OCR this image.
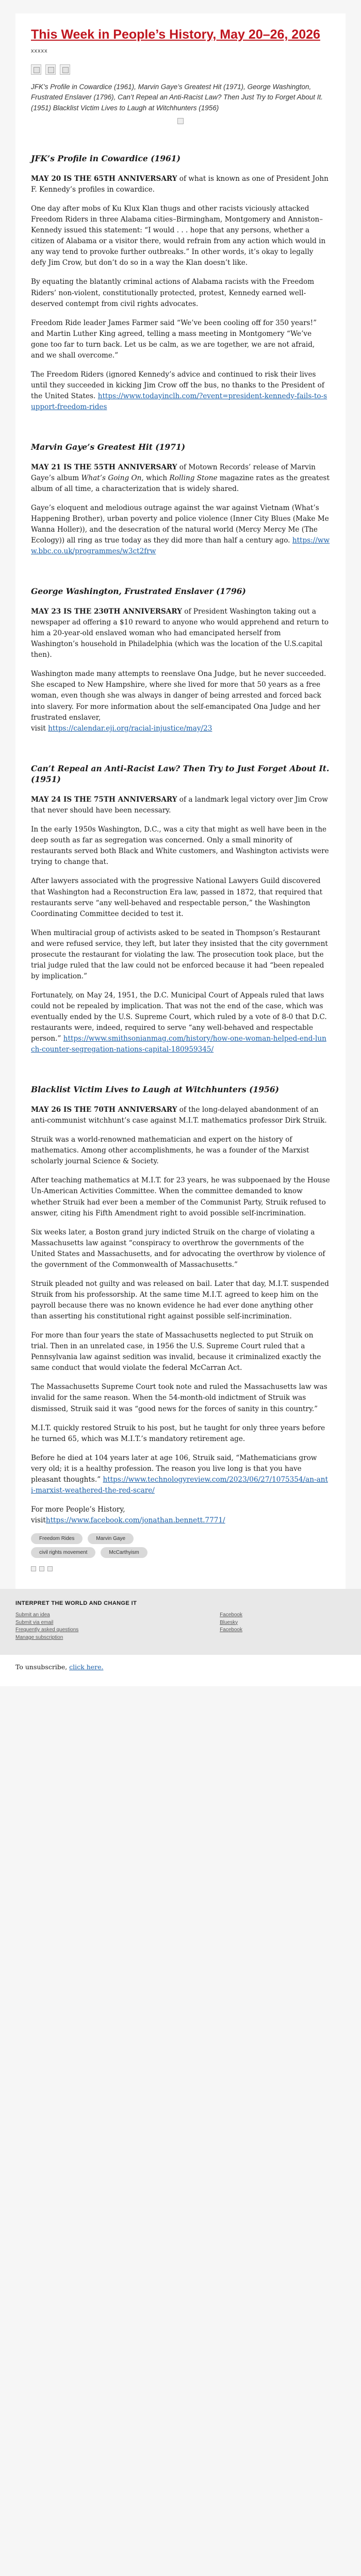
This Week in People’s History, May 20–26, 2026
xxxxx
JFK’s Profile in Cowardice (1961), Marvin Gaye’s Greatest Hit (1971), George Washington, Frustrated Enslaver (1796), Can’t Repeal an Anti-Racist Law? Then Just Try to Forget About It. (1951) Blacklist Victim Lives to Laugh at Witchhunters (1956)
JFK’s Profile in Cowardice (1961)
MAY 20 IS THE 65TH ANNIVERSARY of what is known as one of President John F. Kennedy’s profiles in cowardice.
One day after mobs of Ku Klux Klan thugs and other racists viciously attacked Freedom Riders in three Alabama cities–Birmingham, Montgomery and Anniston–Kennedy issued this statement: “I would . . . hope that any persons, whether a citizen of Alabama or a visitor there, would refrain from any action which would in any way tend to provoke further outbreaks.” In other words, it’s okay to legally defy Jim Crow, but don’t do so in a way the Klan doesn’t like.
By equating the blatantly criminal actions of Alabama racists with the Freedom Riders’ non-violent, constitutionally protected, protest, Kennedy earned well-deserved contempt from civil rights advocates.
Freedom Ride leader James Farmer said “We’ve been cooling off for 350 years!” and Martin Luther King agreed, telling a mass meeting in Montgomery “We’ve gone too far to turn back. Let us be calm, as we are together, we are not afraid, and we shall overcome.”
The Freedom Riders (ignored Kennedy’s advice and continued to risk their lives until they succeeded in kicking Jim Crow off the bus, no thanks to the President of the United States. https://www.todayinclh.com/?event=president-kennedy-fails-to-support-freedom-rides
Marvin Gaye’s Greatest Hit (1971)
MAY 21 IS THE 55TH ANNIVERSARY of Motown Records’ release of Marvin Gaye’s album What’s Going On, which Rolling Stone magazine rates as the greatest album of all time, a characterization that is widely shared.
Gaye’s eloquent and melodious outrage against the war against Vietnam (What’s Happening Brother), urban poverty and police violence (Inner City Blues (Make Me Wanna Holler)), and the desecration of the natural world (Mercy Mercy Me (The Ecology)) all ring as true today as they did more than half a century ago. https://www.bbc.co.uk/programmes/w3ct2frw
George Washington, Frustrated Enslaver (1796)
MAY 23 IS THE 230TH ANNIVERSARY of President Washington taking out a newspaper ad offering a $10 reward to anyone who would apprehend and return to him a 20-year-old enslaved woman who had emancipated herself from Washington’s household in Philadelphia (which was the location of the U.S.capital then).
Washington made many attempts to reenslave Ona Judge, but he never succeeded. She escaped to New Hampshire, where she lived for more that 50 years as a free woman, even though she was always in danger of being arrested and forced back into slavery. For more information about the self-emancipated Ona Judge and her frustrated enslaver,
visit https://calendar.eji.org/racial-injustice/may/23
Can’t Repeal an Anti-Racist Law? Then Try to Just Forget About It. (1951)
MAY 24 IS THE 75TH ANNIVERSARY of a landmark legal victory over Jim Crow that never should have been necessary.
In the early 1950s Washington, D.C., was a city that might as well have been in the deep south as far as segregation was concerned. Only a small minority of restaurants served both Black and White customers, and Washington activists were trying to change that.
After lawyers associated with the progressive National Lawyers Guild discovered that Washington had a Reconstruction Era law, passed in 1872, that required that restaurants serve “any well-behaved and respectable person,” the Washington Coordinating Committee decided to test it.
When multiracial group of activists asked to be seated in Thompson’s Restaurant and were refused service, they left, but later they insisted that the city government prosecute the restaurant for violating the law. The prosecution took place, but the trial judge ruled that the law could not be enforced because it had “been repealed by implication.”
Fortunately, on May 24, 1951, the D.C. Municipal Court of Appeals ruled that laws could not be repealed by implication. That was not the end of the case, which was eventually ended by the U.S. Supreme Court, which ruled by a vote of 8-0 that D.C. restaurants were, indeed, required to serve “any well-behaved and respectable person.” https://www.smithsonianmag.com/history/how-one-woman-helped-end-lunch-counter-segregation-nations-capital-180959345/
Blacklist Victim Lives to Laugh at Witchhunters (1956)
MAY 26 IS THE 70TH ANNIVERSARY of the long-delayed abandonment of an anti-communist witchhunt’s case against M.I.T. mathematics professor Dirk Struik.
Struik was a world-renowned mathematician and expert on the history of mathematics. Among other accomplishments, he was a founder of the Marxist scholarly journal Science & Society.
After teaching mathematics at M.I.T. for 23 years, he was subpoenaed by the House Un-American Activities Committee. When the committee demanded to know whether Struik had ever been a member of the Communist Party, Struik refused to answer, citing his Fifth Amendment right to avoid possible self-incrimination.
Six weeks later, a Boston grand jury indicted Struik on the charge of violating a Massachusetts law against “conspiracy to overthrow the governments of the United States and Massachusetts, and for advocating the overthrow by violence of the government of the Commonwealth of Massachusetts.”
Struik pleaded not guilty and was released on bail. Later that day, M.I.T. suspended Struik from his professorship. At the same time M.I.T. agreed to keep him on the payroll because there was no known evidence he had ever done anything other than asserting his constitutional right against possible self-incrimination.
For more than four years the state of Massachusetts neglected to put Struik on trial. Then in an unrelated case, in 1956 the U.S. Supreme Court ruled that a Pennsylvania law against sedition was invalid, because it criminalized exactly the same conduct that would violate the federal McCarran Act.
The Massachusetts Supreme Court took note and ruled the Massachusetts law was invalid for the same reason. When the 54-month-old indictment of Struik was dismissed, Struik said it was “good news for the forces of sanity in this country.”
M.I.T. quickly restored Struik to his post, but he taught for only three years before he turned 65, which was M.I.T.’s mandatory retirement age.
Before he died at 104 years later at age 106, Struik said, “Mathematicians grow very old; it is a healthy profession. The reason you live long is that you have pleasant thoughts.” https://www.technologyreview.com/2023/06/27/1075354/an-anti-marxist-weathered-the-red-scare/
For more People’s History,
visithttps://www.facebook.com/jonathan.bennett.7771/
Freedom Rides	Marvin Gaye
civil rights movement	McCarthyism
INTERPRET THE WORLD AND CHANGE IT
Submit an idea
Submit via email
Frequently asked questions
Manage subscription
Facebook
Bluesky
Facebook
To unsubscribe, click here.
